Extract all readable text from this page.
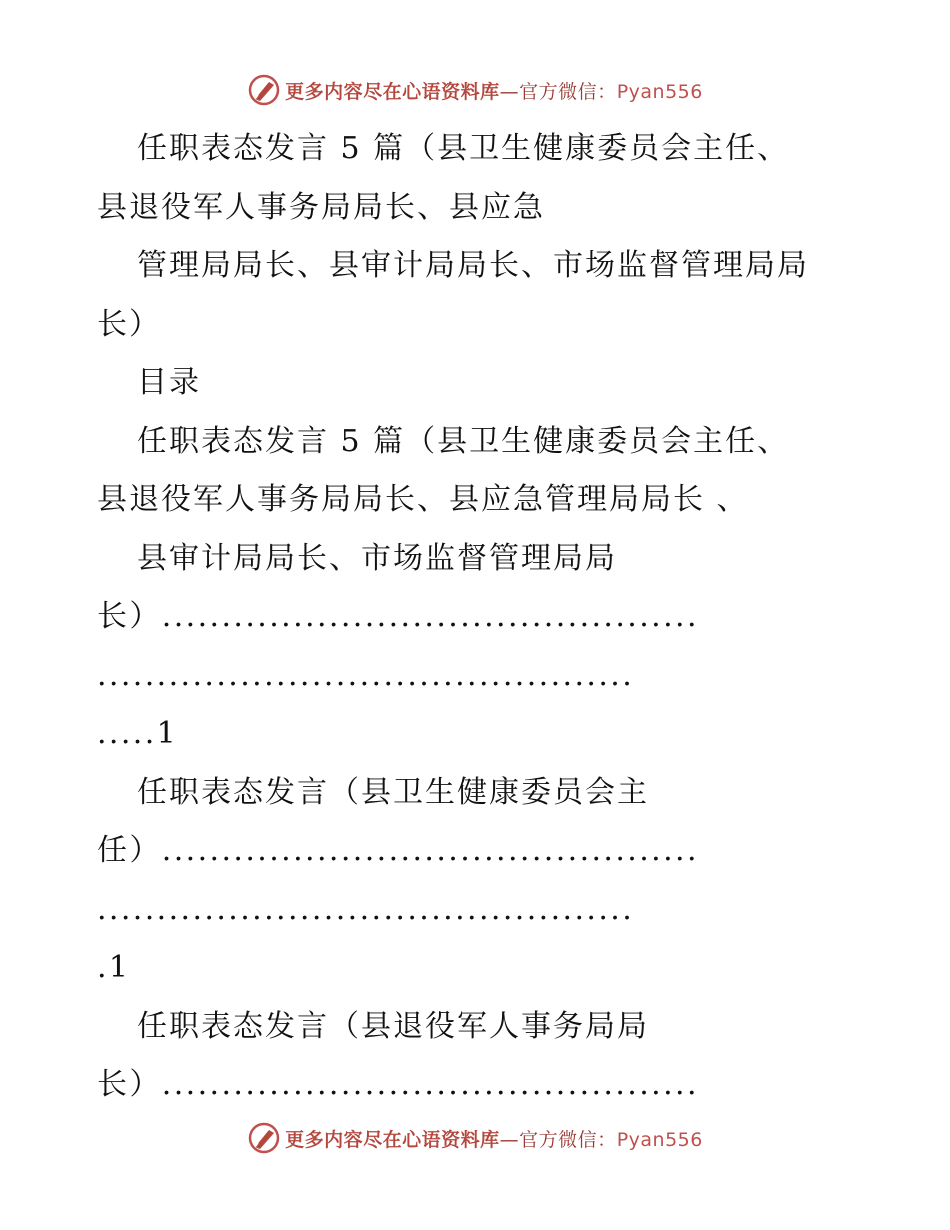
更多内容尽在心语资料库—官方微信：Pyan556
任职表态发言 5 篇（县卫生健康委员会主任、
县退役军人事务局局长、县应急
管理局局长、县审计局局长、市场监督管理局局
长）
目录
任职表态发言 5 篇（县卫生健康委员会主任、
县退役军人事务局局长、县应急管理局局长 、
县审计局局长、市场监督管理局局
长）.............................................
.............................................
.....1
任职表态发言（县卫生健康委员会主
任）.............................................
.............................................
.1
任职表态发言（县退役军人事务局局
长）.............................................
更多内容尽在心语资料库—官方微信：Pyan556
